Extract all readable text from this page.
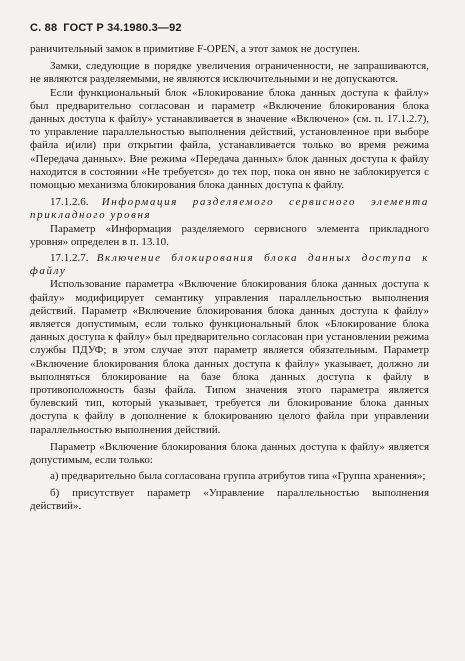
С. 88 ГОСТ Р 34.1980.3—92

раничительный замок в примитиве F-OPEN, а этот замок не доступен.

Замки, следующие в порядке увеличения ограниченности, не запрашиваются, не являются разделяемыми, не являются исключительными и не допускаются.

Если функциональный блок «Блокирование блока данных доступа к файлу» был предварительно согласован и параметр «Включение блокирования блока данных доступа к файлу» устанавливается в значение «Включено» (см. п. 17.1.2.7), то управление параллельностью выполнения действий, установленное при выборе файла и(или) при открытии файла, устанавливается только во время режима «Передача данных». Вне режима «Передача данных» блок данных доступа к файлу находится в состоянии «Не требуется» до тех пор, пока он явно не заблокируется с помощью механизма блокирования блока данных доступа к файлу.

17.1.2.6. Информация разделяемого сервисного элемента прикладного уровня

Параметр «Информация разделяемого сервисного элемента прикладного уровня» определен в п. 13.10.

17.1.2.7. Включение блокирования блока данных доступа к файлу

Использование параметра «Включение блокирования блока данных доступа к файлу» модифицирует семантику управления параллельностью выполнения действий. Параметр «Включение блокирования блока данных доступа к файлу» является допустимым, если только функциональный блок «Блокирование блока данных доступа к файлу» был предварительно согласован при установлении режима службы ПДУФ; в этом случае этот параметр является обязательным. Параметр «Включение блокирования блока данных доступа к файлу» указывает, должно ли выполняться блокирование на базе блока данных доступа к файлу в противоположность базы файла. Типом значения этого параметра является булевский тип, который указывает, требуется ли блокирование блока данных доступа к файлу в дополнение к блокированию целого файла при управлении параллельностью выполнения действий.

Параметр «Включение блокирования блока данных доступа к файлу» является допустимым, если только:

а) предварительно была согласована группа атрибутов типа «Группа хранения»;

б) присутствует параметр «Управление параллельностью выполнения действий».
